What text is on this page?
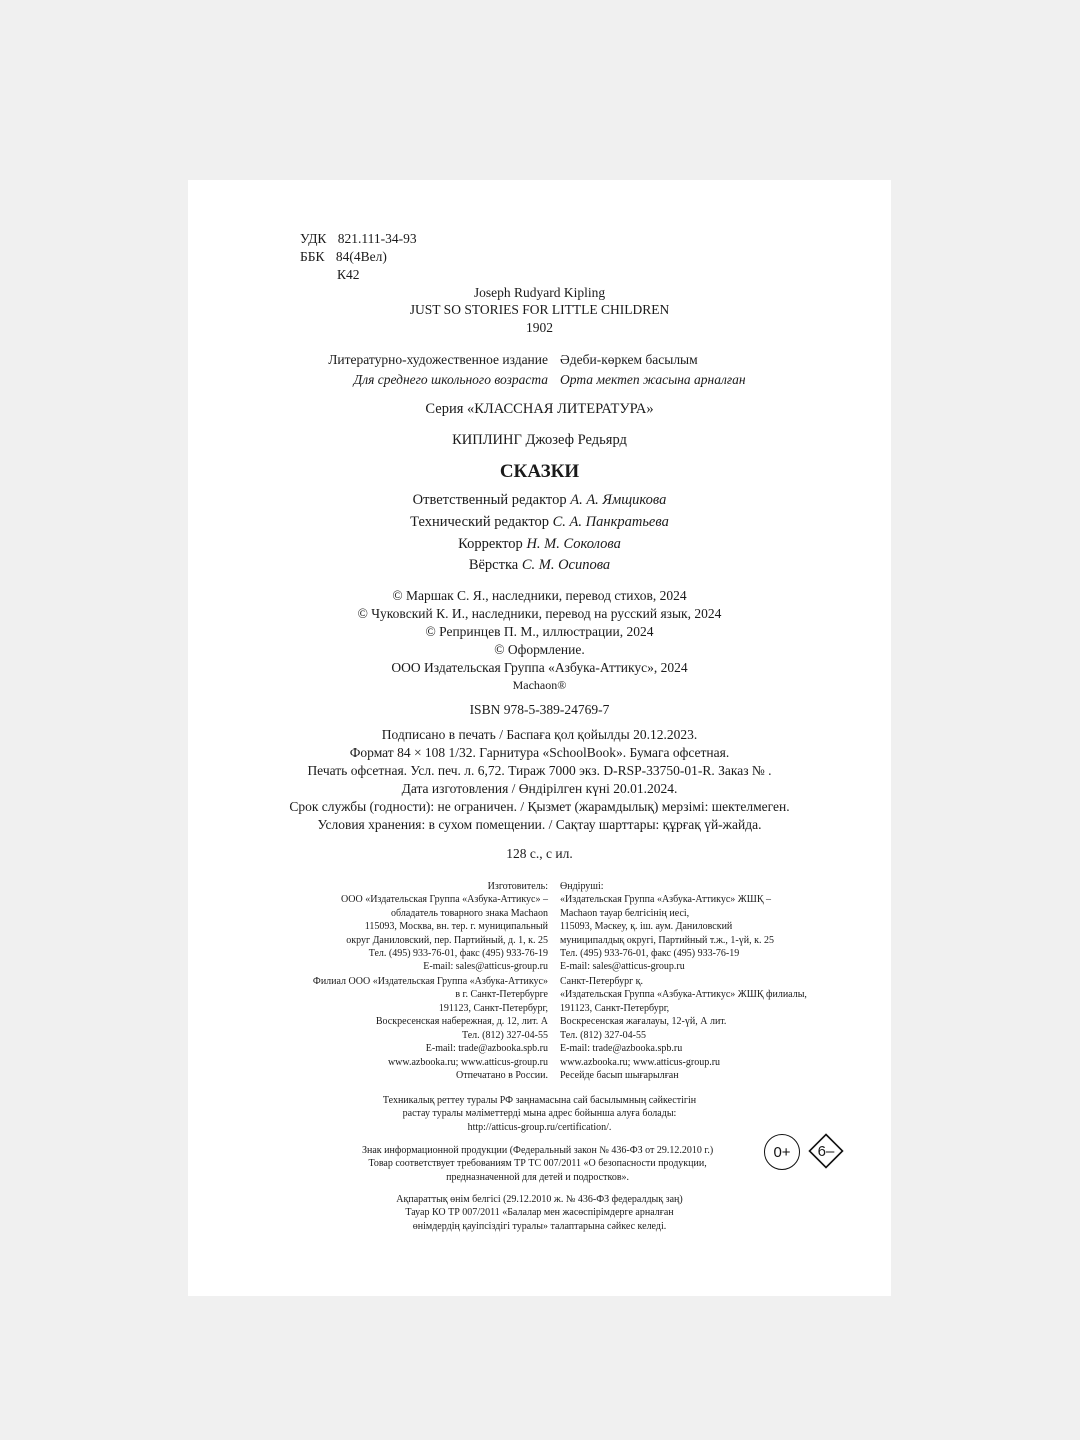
УДК 821.111-34-93
ББК 84(4Вел)
К42
Joseph Rudyard Kipling
JUST SO STORIES FOR LITTLE CHILDREN
1902
Литературно-художественное издание Әдеби-көркем басылым
Для среднего школьного возраста Орта мектеп жасына арналған
Серия «КЛАССНАЯ ЛИТЕРАТУРА»
КИПЛИНГ Джозеф Редьярд
СКАЗКИ
Ответственный редактор А. А. Ямщикова
Технический редактор С. А. Панкратьева
Корректор Н. М. Соколова
Вёрстка С. М. Осипова
© Маршак С. Я., наследники, перевод стихов, 2024
© Чуковский К. И., наследники, перевод на русский язык, 2024
© Репринцев П. М., иллюстрации, 2024
© Оформление.
ООО Издательская Группа «Азбука-Аттикус», 2024
Machaon®
ISBN 978-5-389-24769-7
Подписано в печать / Баспаға қол қойылды 20.12.2023.
Формат 84 × 108 1/32. Гарнитура «SchoolBook». Бумага офсетная.
Печать офсетная. Усл. печ. л. 6,72. Тираж 7000 экз. D-RSP-33750-01-R. Заказ № .
Дата изготовления / Өндірілген күні 20.01.2024.
Срок службы (годности): не ограничен. / Қызмет (жарамдылық) мерзімі: шектелмеген.
Условия хранения: в сухом помещении. / Сақтау шарттары: құрғақ үй-жайда.
128 с., с ил.
Изготовитель:
ООО «Издательская Группа «Азбука-Аттикус» –
обладатель товарного знака Machaon
115093, Москва, вн. тер. г. муниципальный
округ Даниловский, пер. Партийный, д. 1, к. 25
Тел. (495) 933-76-01, факс (495) 933-76-19
E-mail: sales@atticus-group.ru
Өндіруші:
«Издательская Группа «Азбука-Аттикус» ЖШҚ –
Machaon тауар белгісінің иесі,
115093, Мәскеу, қ. іш. аум. Даниловский
муниципалдық округі, Партийный т.ж., 1-үй, к. 25
Тел. (495) 933-76-01, факс (495) 933-76-19
E-mail: sales@atticus-group.ru
Филиал ООО «Издательская Группа «Азбука-Аттикус»
в г. Санкт-Петербурге
191123, Санкт-Петербург,
Воскресенская набережная, д. 12, лит. А
Тел. (812) 327-04-55
E-mail: trade@azbooka.spb.ru
Санкт-Петербург қ.
«Издательская Группа «Азбука-Аттикус» ЖШҚ филиалы,
191123, Санкт-Петербург,
Воскресенская жағалауы, 12-үй, А лит.
Тел. (812) 327-04-55
E-mail: trade@azbooka.spb.ru
www.azbooka.ru; www.atticus-group.ru
Отпечатано в России.
www.azbooka.ru; www.atticus-group.ru
Ресейде басып шығарылған
Техникалық реттеу туралы РФ заңнамасына сай басылымның сәйкестігін
растау туралы мәліметтерді мына адрес бойынша алуға болады:
http://atticus-group.ru/certification/.
Знак информационной продукции (Федеральный закон № 436-ФЗ от 29.12.2010 г.)
Товар соответствует требованиям ТР ТС 007/2011 «О безопасности продукции,
предназначенной для детей и подростков».
0+	6–
Ақпараттық өнім белгісі (29.12.2010 ж. № 436-ФЗ федералдық заң)
Тауар КО ТР 007/2011 «Балалар мен жасөспірімдерге арналған
өнімдердің қауіпсіздігі туралы» талаптарына сәйкес келеді.
